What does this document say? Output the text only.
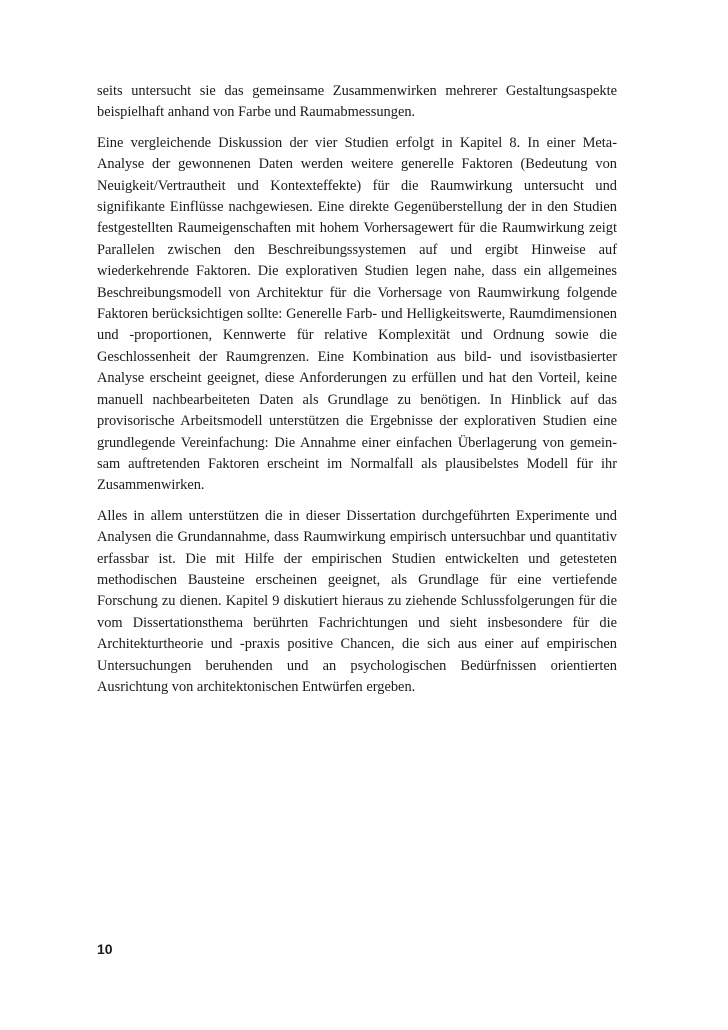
seits untersucht sie das gemeinsame Zusammenwirken mehrerer Gestaltungsaspekte beispielhaft anhand von Farbe und Raumabmessungen.

Eine vergleichende Diskussion der vier Studien erfolgt in Kapitel 8. In einer Meta-Analyse der gewonnenen Daten werden weitere generelle Faktoren (Bedeutung von Neuigkeit/Vertrautheit und Kontexteffekte) für die Raumwirkung untersucht und signifikante Einflüsse nachgewiesen. Eine direkte Gegenüberstellung der in den Studien festgestellten Raumeigenschaften mit hohem Vorhersagewert für die Raumwirkung zeigt Parallelen zwischen den Beschreibungssystemen auf und ergibt Hinweise auf wiederkehrende Faktoren. Die explorativen Studien legen nahe, dass ein allgemeines Beschreibungsmodell von Architektur für die Vorhersage von Raumwirkung folgende Faktoren berücksichtigen sollte: Generelle Farb- und Helligkeitswerte, Raumdimensionen und -proportionen, Kennwerte für relative Komplexität und Ordnung sowie die Geschlossenheit der Raumgrenzen. Eine Kombination aus bild- und isovistbasierter Analyse erscheint geeignet, diese Anforderungen zu erfüllen und hat den Vorteil, keine manuell nachbearbeiteten Daten als Grundlage zu benötigen. In Hinblick auf das provisorische Arbeitsmodell unterstützen die Ergebnisse der explorativen Studien eine grundlegende Vereinfachung: Die Annahme einer einfachen Überlagerung von gemeinsam auftretenden Faktoren erscheint im Normalfall als plausibelstes Modell für ihr Zusammenwirken.

Alles in allem unterstützen die in dieser Dissertation durchgeführten Experimente und Analysen die Grundannahme, dass Raumwirkung empirisch untersuchbar und quantitativ erfassbar ist. Die mit Hilfe der empirischen Studien entwickelten und getesteten methodischen Bausteine erscheinen geeignet, als Grundlage für eine vertiefende Forschung zu dienen. Kapitel 9 diskutiert hieraus zu ziehende Schlussfolgerungen für die vom Dissertationsthema berührten Fachrichtungen und sieht insbesondere für die Architekturtheorie und -praxis positive Chancen, die sich aus einer auf empirischen Untersuchungen beruhenden und an psychologischen Bedürfnissen orientierten Ausrichtung von architektonischen Entwürfen ergeben.

10
